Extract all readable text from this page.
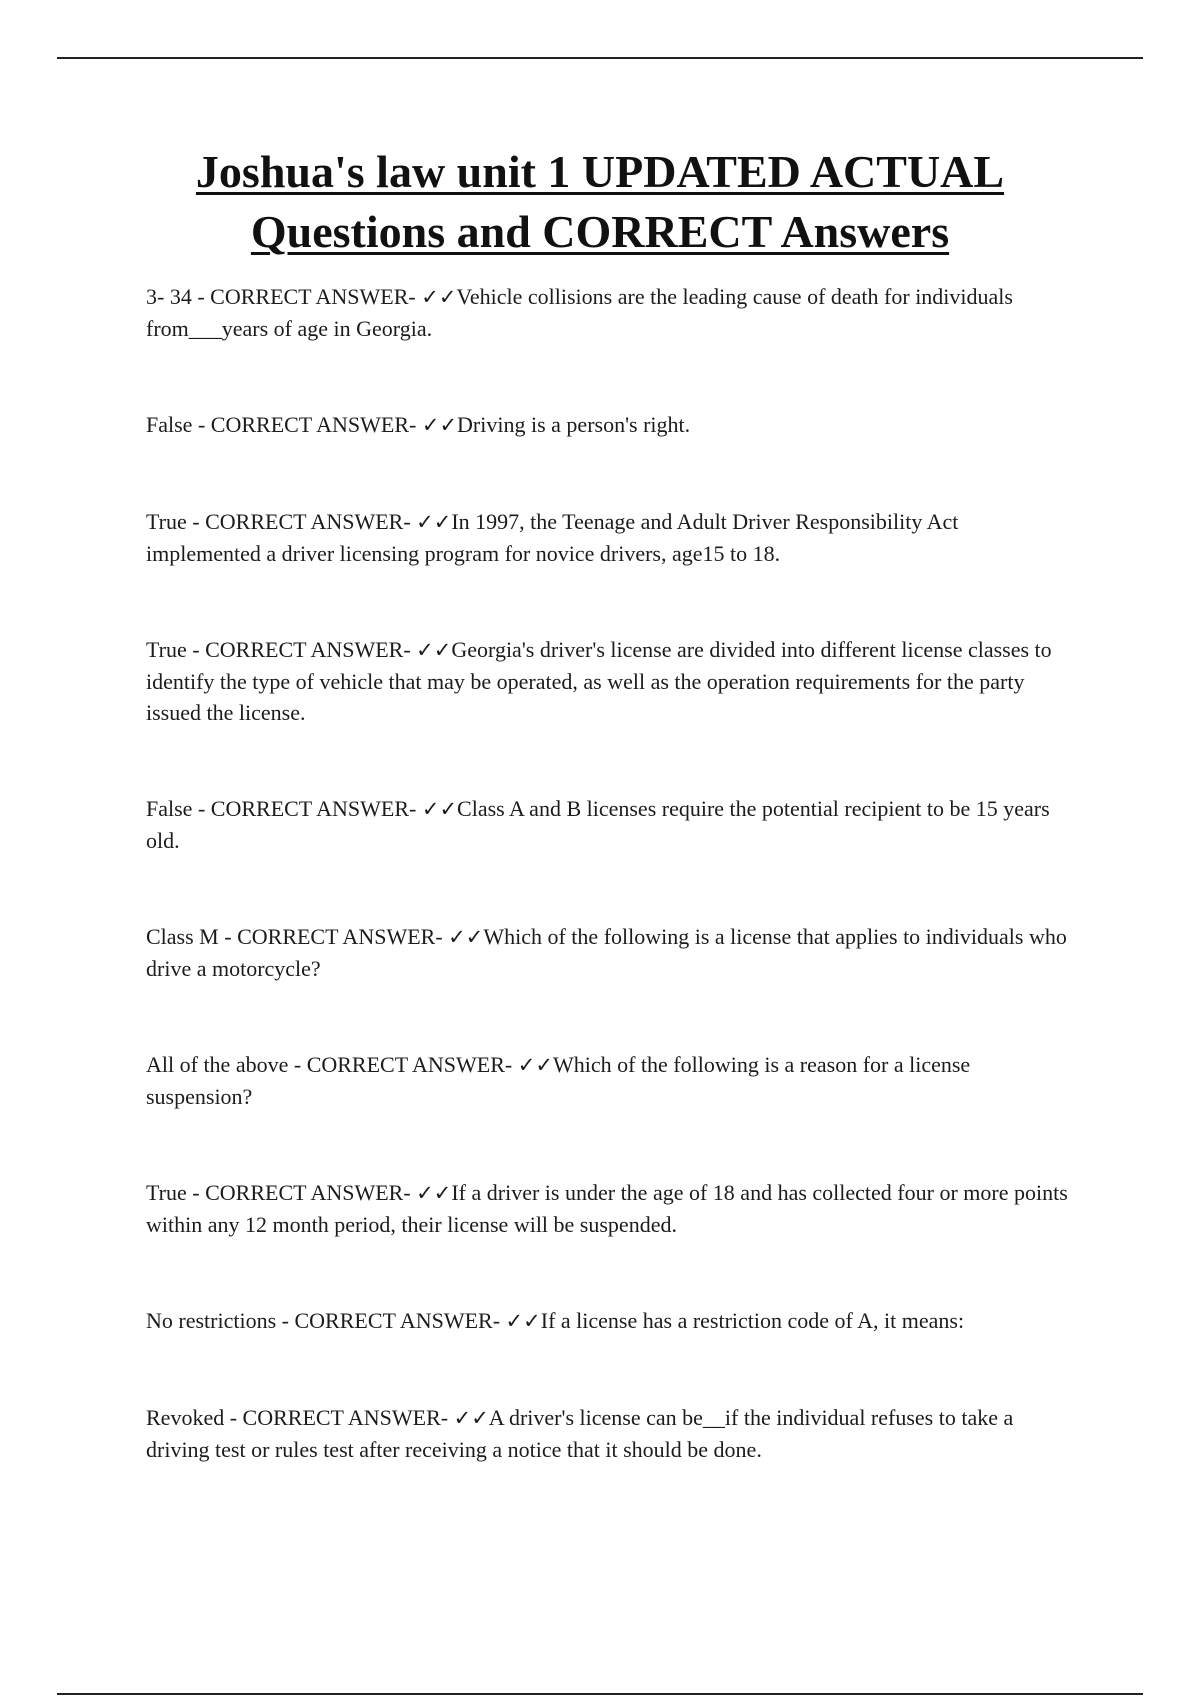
Joshua's law unit 1 UPDATED ACTUAL
Questions and CORRECT Answers
3- 34 - CORRECT ANSWER- ✓✓Vehicle collisions are the leading cause of death for individuals from___years of age in Georgia.
False - CORRECT ANSWER- ✓✓Driving is a person's right.
True - CORRECT ANSWER- ✓✓In 1997, the Teenage and Adult Driver Responsibility Act implemented a driver licensing program for novice drivers, age15 to 18.
True - CORRECT ANSWER- ✓✓Georgia's driver's license are divided into different license classes to identify the type of vehicle that may be operated, as well as the operation requirements for the party issued the license.
False - CORRECT ANSWER- ✓✓Class A and B licenses require the potential recipient to be 15 years old.
Class M - CORRECT ANSWER- ✓✓Which of the following is a license that applies to individuals who drive a motorcycle?
All of the above - CORRECT ANSWER- ✓✓Which of the following is a reason for a license suspension?
True - CORRECT ANSWER- ✓✓If a driver is under the age of 18 and has collected four or more points within any 12 month period, their license will be suspended.
No restrictions - CORRECT ANSWER- ✓✓If a license has a restriction code of A, it means:
Revoked - CORRECT ANSWER- ✓✓A driver's license can be__if the individual refuses to take a driving test or rules test after receiving a notice that it should be done.
